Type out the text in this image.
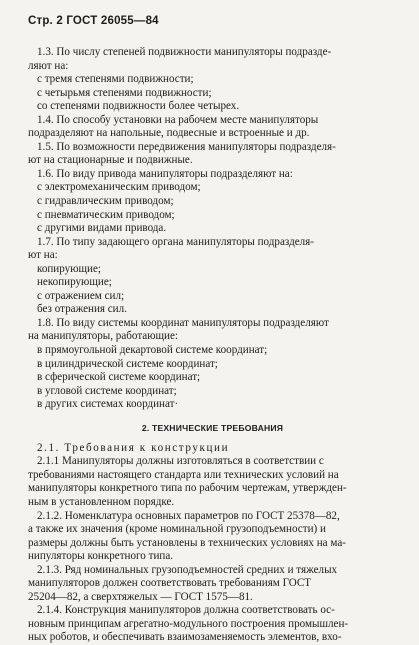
Стр. 2 ГОСТ 26055—84

1.3. По числу степеней подвижности манипуляторы подразде-

ляют на:

с тремя степенями подвижности;

с четырьмя степенями подвижности;

со степенями подвижности более четырех.

1.4. По способу установки на рабочем месте манипуляторы

подразделяют на напольные, подвесные и встроенные и др.

1.5. По возможности передвижения манипуляторы подразделя-

ют на стационарные и подвижные.

1.6. По виду привода манипуляторы подразделяют на:

с электромеханическим приводом;

с гидравлическим приводом;

с пневматическим приводом;

с другими видами привода.

1.7. По типу задающего органа манипуляторы подразделя-

ют на:

копирующие;

некопирующие;

с отражением сил;

без отражения сил.

1.8. По виду системы координат манипуляторы подразделяют

на манипуляторы, работающие:

в прямоугольной декартовой системе координат;

в цилиндрической системе координат;

в сферической системе координат;

в угловой системе координат;

в других системах координат·

2. ТЕХНИЧЕСКИЕ ТРЕБОВАНИЯ

2.1. Требования к конструкции

2.1.1 Манипуляторы должны изготовляться в соответствии с

требованиями настоящего стандарта или технических условий на

манипуляторы конкретного типа по рабочим чертежам, утвержден-

ным в установленном порядке.

2.1.2. Номенклатура основных параметров по ГОСТ 25378—82,

а также их значения (кроме номинальной грузоподъемности) и

размеры должны быть установлены в технических условиях на ма-

нипуляторы конкретного типа.

2.1.3. Ряд номинальных грузоподъемностей средних и тяжелых

манипуляторов должен соответствовать требованиям ГОСТ

25204—82, а сверхтяжелых — ГОСТ 1575—81.

2.1.4. Конструкция манипуляторов должна соответствовать ос-

новным принципам агрегатно-модульного построения промышлен-

ных роботов, и обеспечивать взаимозаменяемость элементов, вхо-
